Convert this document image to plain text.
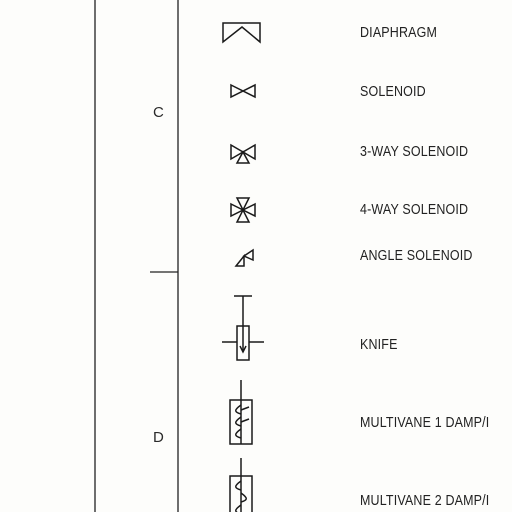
C
D
DIAPHRAGM
SOLENOID
3-WAY SOLENOID
4-WAY SOLENOID
ANGLE SOLENOID
KNIFE
MULTIVANE 1 DAMP/I
MULTIVANE 2 DAMP/I
